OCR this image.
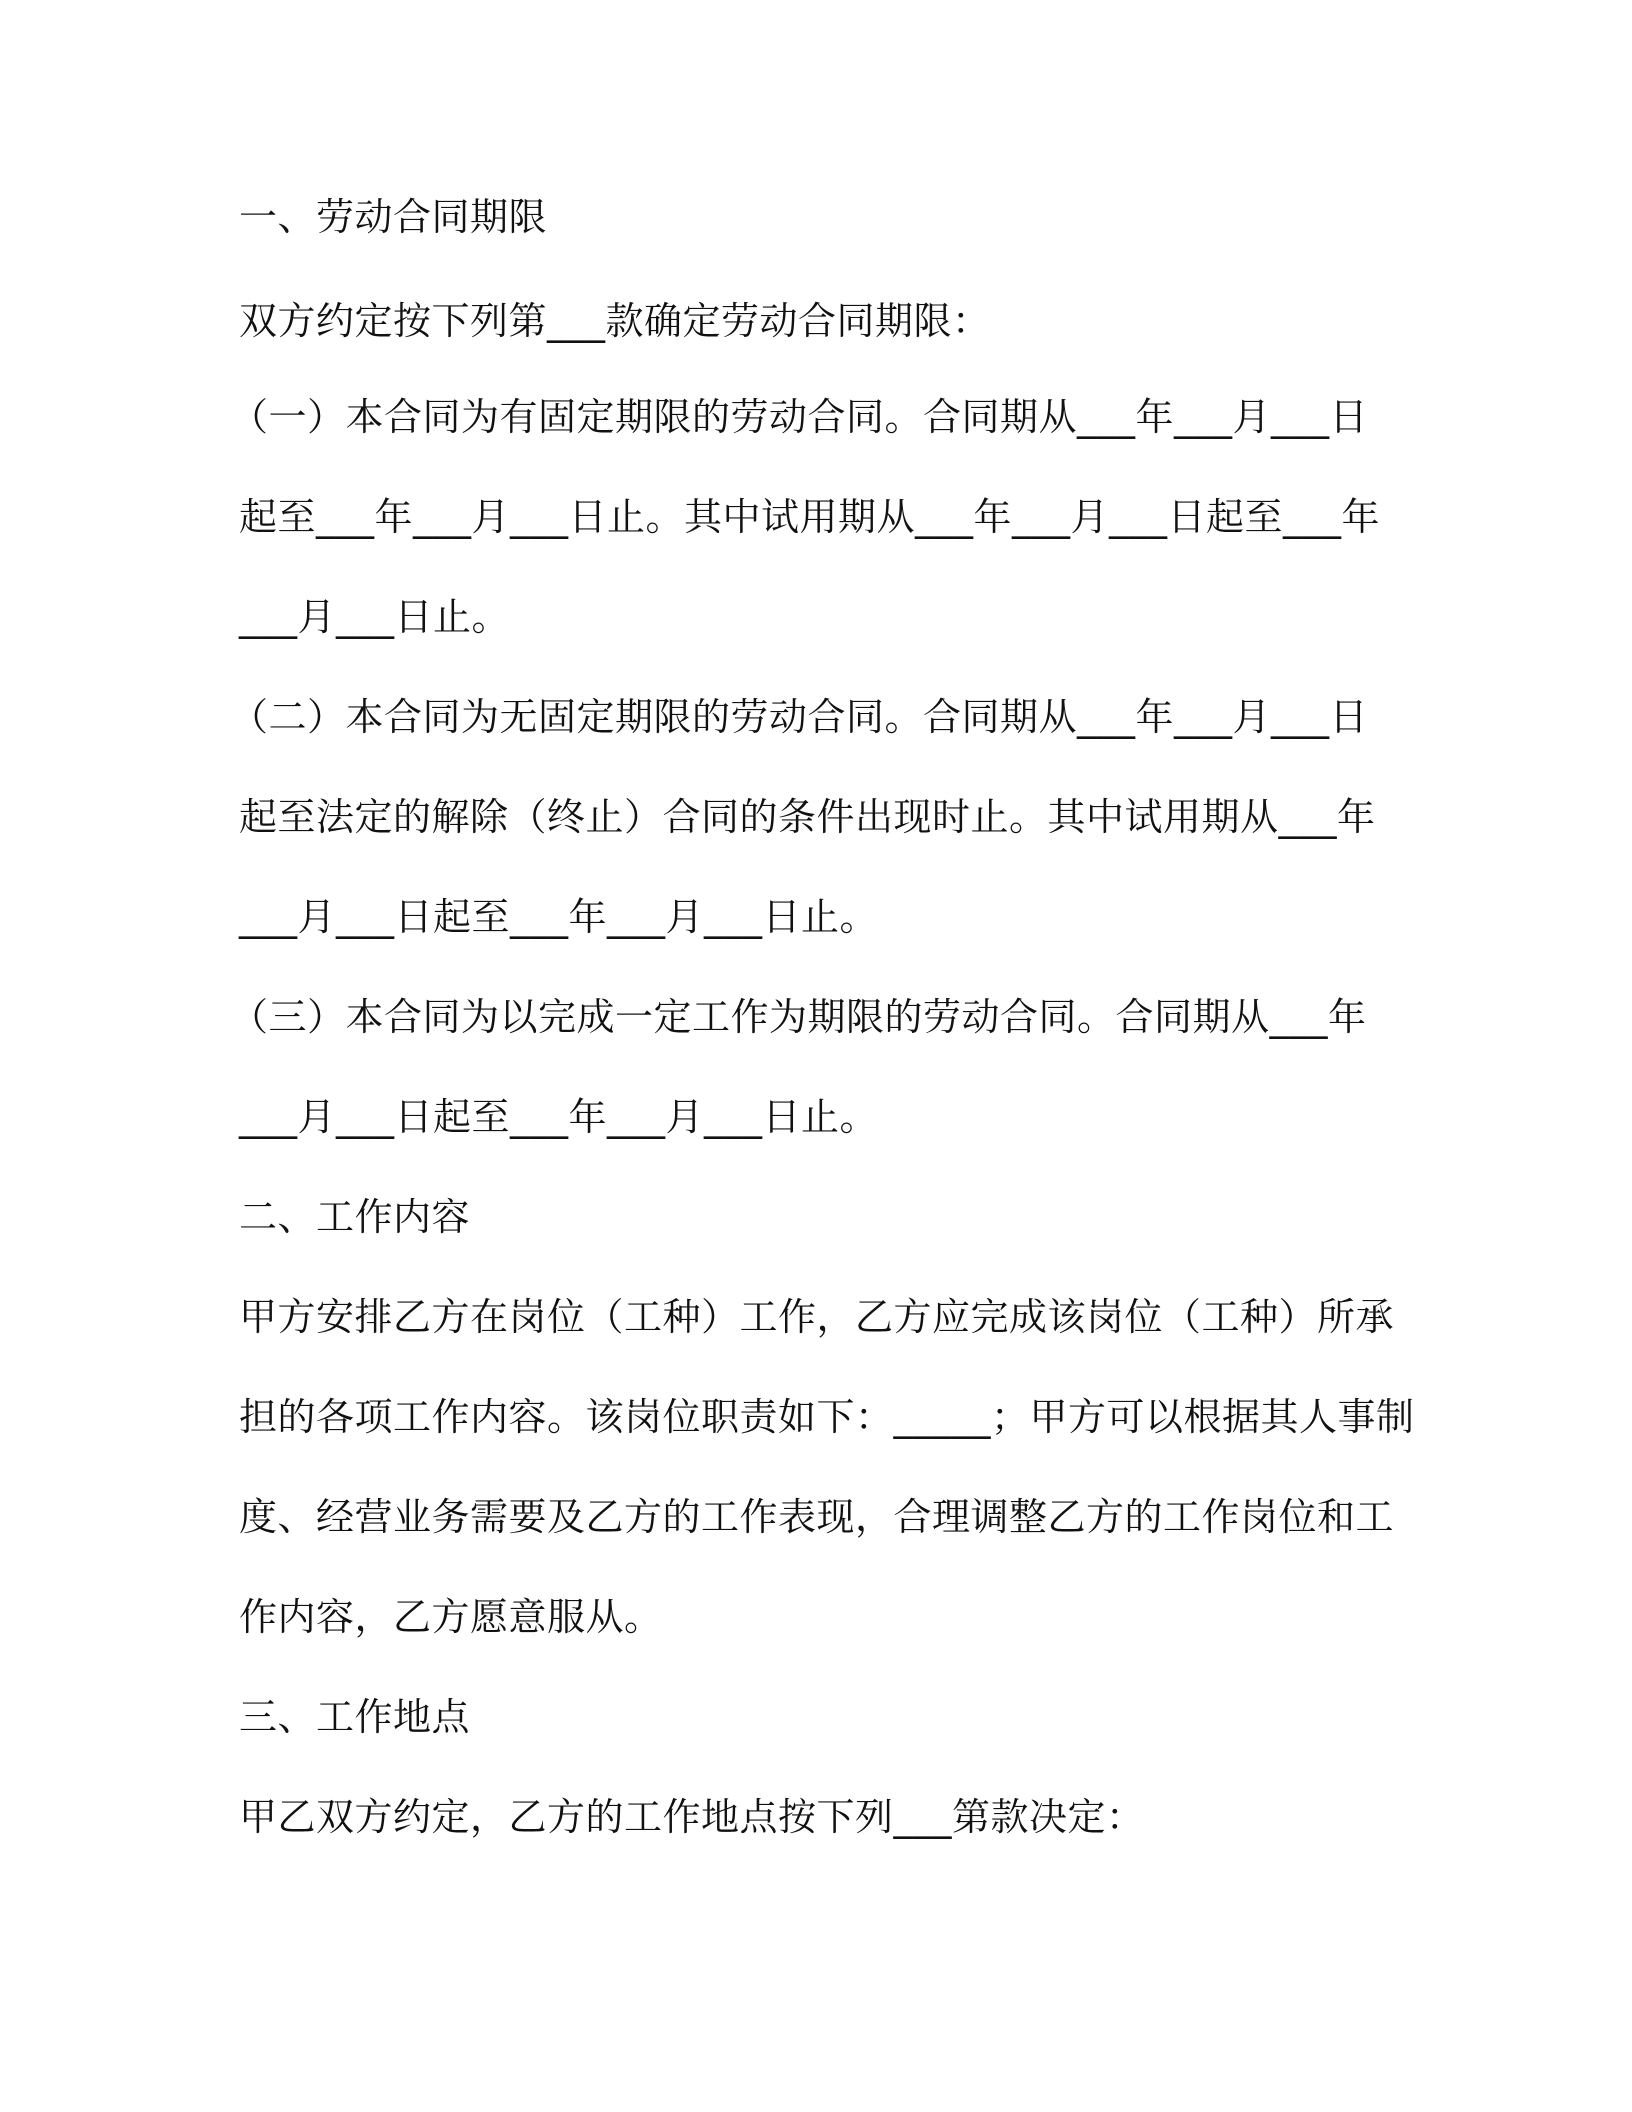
一、劳动合同期限

双方约定按下列第___款确定劳动合同期限：

（一）本合同为有固定期限的劳动合同。合同期从___年___月___日

起至___年___月___日止。其中试用期从___年___月___日起至___年

___月___日止。

（二）本合同为无固定期限的劳动合同。合同期从___年___月___日

起至法定的解除（终止）合同的条件出现时止。其中试用期从___年

___月___日起至___年___月___日止。

（三）本合同为以完成一定工作为期限的劳动合同。合同期从___年

___月___日起至___年___月___日止。

二、工作内容

甲方安排乙方在岗位（工种）工作，乙方应完成该岗位（工种）所承

担的各项工作内容。该岗位职责如下：_____；甲方可以根据其人事制

度、经营业务需要及乙方的工作表现，合理调整乙方的工作岗位和工

作内容，乙方愿意服从。

三、工作地点

甲乙双方约定，乙方的工作地点按下列___第款决定：
